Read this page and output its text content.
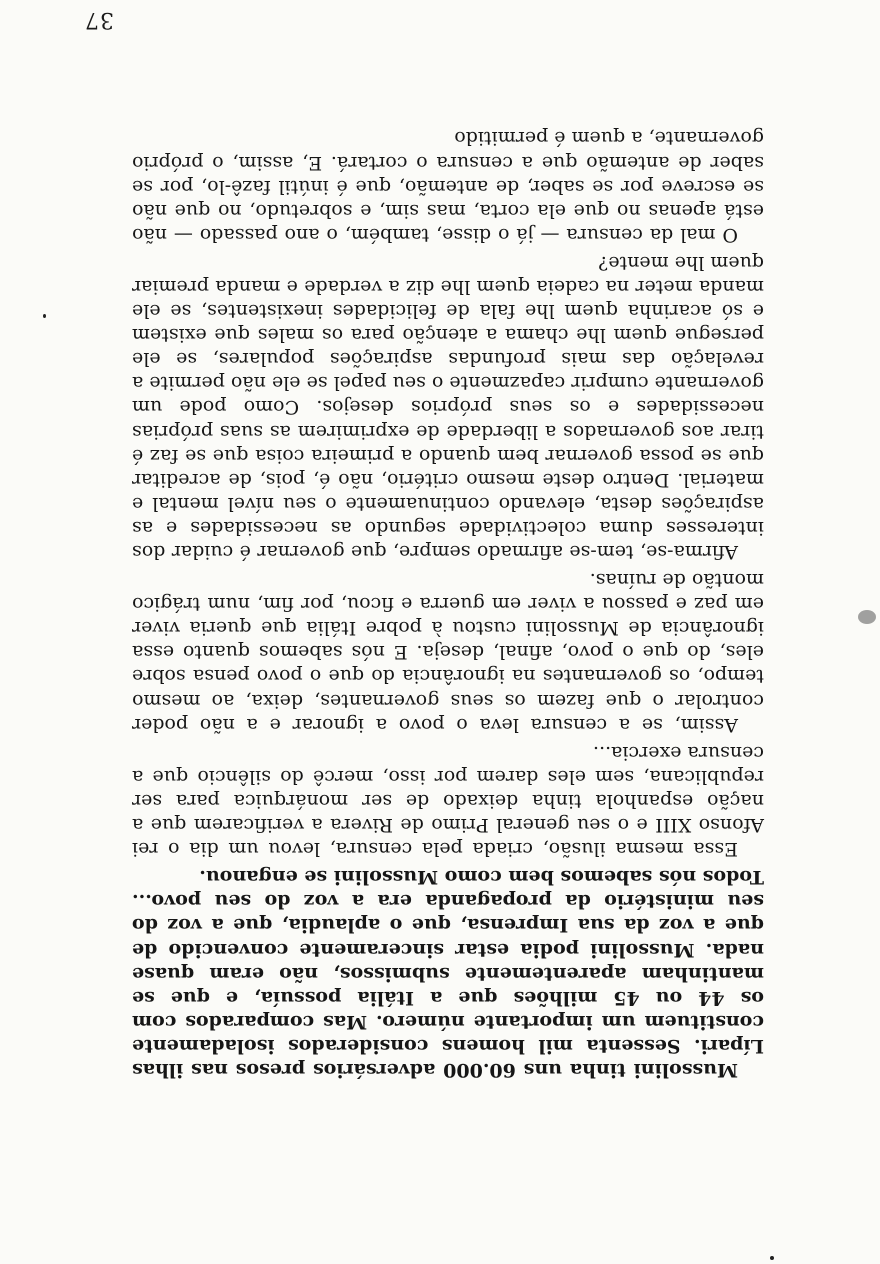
37

Mussolini tinha uns 60.000 adversários presos nas ilhas Lípari. Sessenta mil homens considerados isoladamente constituem um importante número. Mas comparados com os 44 ou 45 milhões que a Itália possuía, e que se mantinham aparentemente submissos, não eram quase nada. Mussolini podia estar sinceramente convencido de que a voz da sua Imprensa, que o aplaudia, que a voz do seu ministério da propaganda era a voz do seu povo... Todos nós sabemos bem como Mussolini se enganou.

Essa mesma ilusão, criada pela censura, levou um dia o rei Afonso XIII e o seu general Primo de Rivera a verificarem que a nação espanhola tinha deixado de ser monárquica para ser republicana, sem eles darem por isso, mercê do silêncio que a censura exercia...

Assim, se a censura leva o povo a ignorar e a não poder controlar o que fazem os seus governantes, deixa, ao mesmo tempo, os governantes na ignorância do que o povo pensa sobre eles, do que o povo, afinal, deseja. E nós sabemos quanto essa ignorância de Mussolini custou à pobre Itália que queria viver em paz e passou a viver em guerra e ficou, por fim, num trágico montão de ruínas.

Afirma-se, tem-se afirmado sempre, que governar é cuidar dos interesses duma colectividade segundo as necessidades e as aspirações desta, elevando continuamente o seu nível mental e material. Dentro deste mesmo critério, não é, pois, de acreditar que se possa governar bem quando a primeira coisa que se faz é tirar aos governados a liberdade de exprimirem as suas próprias necessidades e os seus próprios desejos. Como pode um governante cumprir capazmente o seu papel se ele não permite a revelação das mais profundas aspirações populares, se ele persegue quem lhe chama a atenção para os males que existem e só acarinha quem lhe fala de felicidades inexistentes, se ele manda meter na cadeia quem lhe diz a verdade e manda premiar quem lhe mente?

O mal da censura — já o disse, também, o ano passado — não está apenas no que ela corta, mas sim, e sobretudo, no que não se escreve por se saber, de antemão, que é inútil fazê-lo, por se saber de antemão que a censura o cortará. E, assim, o próprio governante, a quem é permitido
